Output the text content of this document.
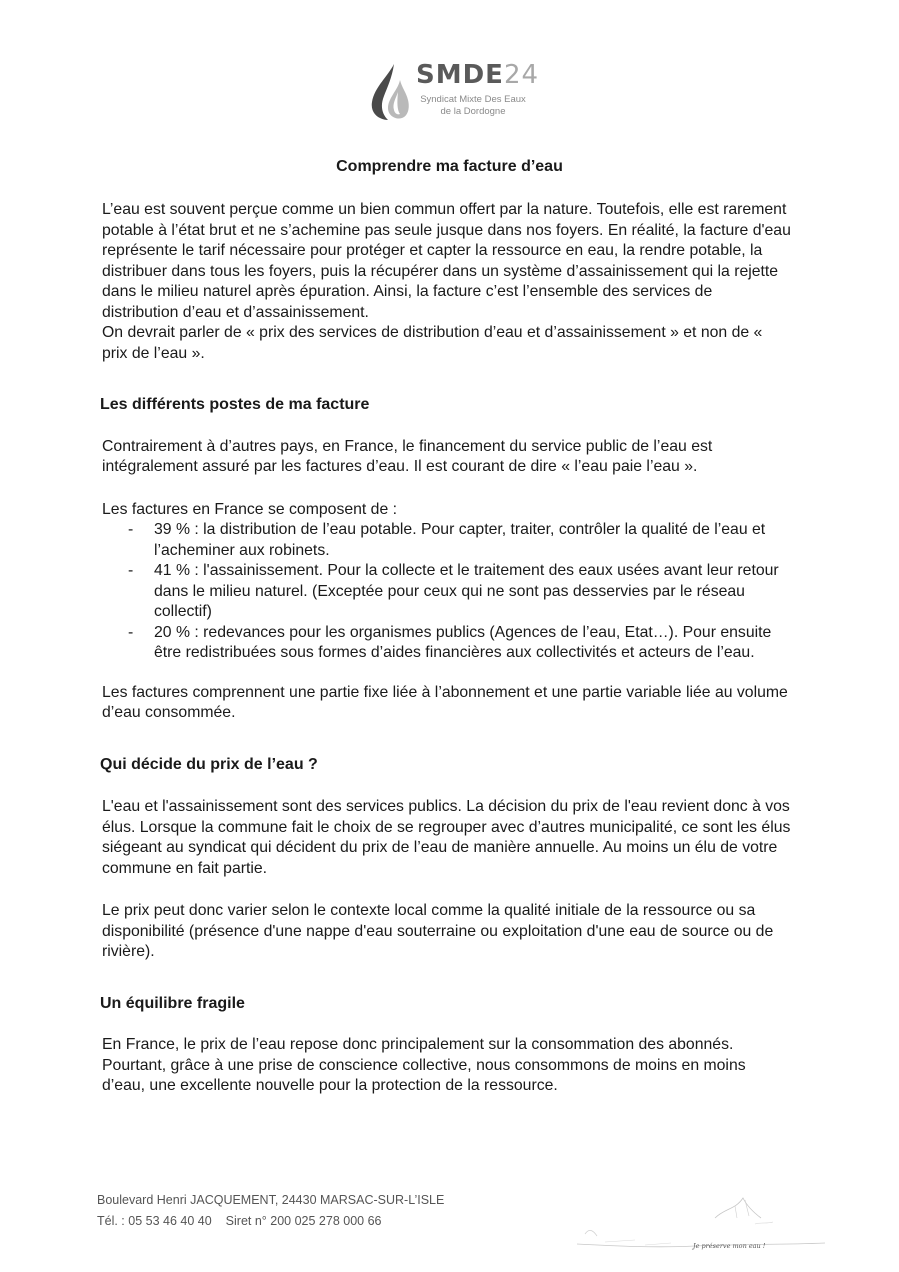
SMDE24
Syndicat Mixte Des Eaux
de la Dordogne
Comprendre ma facture d’eau

L’eau est souvent perçue comme un bien commun offert par la nature. Toutefois, elle est rarement potable à l’état brut et ne s’achemine pas seule jusque dans nos foyers. En réalité, la facture d'eau représente le tarif nécessaire pour protéger et capter la ressource en eau, la rendre potable, la distribuer dans tous les foyers, puis la récupérer dans un système d’assainissement qui la rejette dans le milieu naturel après épuration. Ainsi, la facture c’est l’ensemble des services de distribution d’eau et d’assainissement.

On devrait parler de « prix des services de distribution d’eau et d’assainissement » et non de « prix de l’eau ».

Les différents postes de ma facture

Contrairement à d’autres pays, en France, le financement du service public de l’eau est intégralement assuré par les factures d’eau. Il est courant de dire « l’eau paie l’eau ».

Les factures en France se composent de :

- 39 % : la distribution de l’eau potable. Pour capter, traiter, contrôler la qualité de l’eau et l’acheminer aux robinets.
- 41 % : l'assainissement. Pour la collecte et le traitement des eaux usées avant leur retour dans le milieu naturel. (Exceptée pour ceux qui ne sont pas desservies par le réseau collectif)
- 20 % : redevances pour les organismes publics (Agences de l’eau, Etat…). Pour ensuite être redistribuées sous formes d’aides financières aux collectivités et acteurs de l’eau.

Les factures comprennent une partie fixe liée à l’abonnement et une partie variable liée au volume d’eau consommée.

Qui décide du prix de l’eau ?

L'eau et l'assainissement sont des services publics. La décision du prix de l'eau revient donc à vos élus. Lorsque la commune fait le choix de se regrouper avec d’autres municipalité, ce sont les élus siégeant au syndicat qui décident du prix de l’eau de manière annuelle. Au moins un élu de votre commune en fait partie.

Le prix peut donc varier selon le contexte local comme la qualité initiale de la ressource ou sa disponibilité (présence d'une nappe d'eau souterraine ou exploitation d'une eau de source ou de rivière).

Un équilibre fragile

En France, le prix de l’eau repose donc principalement sur la consommation des abonnés. Pourtant, grâce à une prise de conscience collective, nous consommons de moins en moins d’eau, une excellente nouvelle pour la protection de la ressource.

Boulevard Henri JACQUEMENT, 24430 MARSAC-SUR-L’ISLE
Tél. : 05 53 46 40 40 Siret n° 200 025 278 000 66
Je préserve mon eau !
